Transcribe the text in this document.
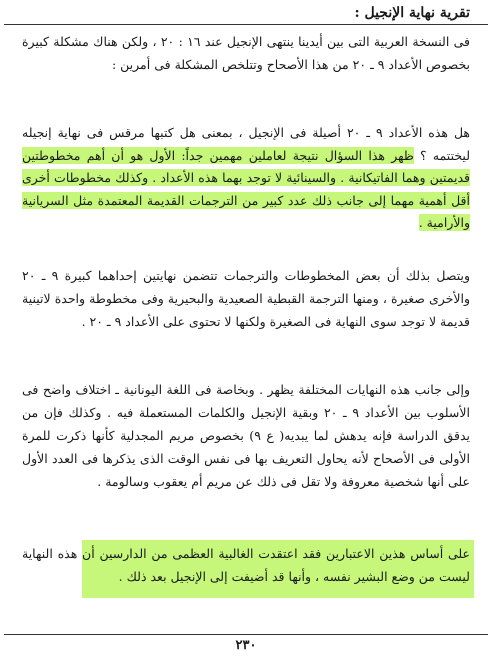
تقرية نهاية الإنجيل :

فى النسخة العربية التى بين أيدينا ينتهى الإنجيل عند ١٦ : ٢٠ ، ولكن هناك مشكلة كبيرة بخصوص الأعداد ٩ ـ ٢٠ من هذا الأصحاح وتتلخص المشكلة فى أمرين :

هل هذه الأعداد ٩ ـ ٢٠ أصيلة فى الإنجيل ، بمعنى هل كتبها مرقس فى نهاية إنجيله ليختتمه ؟ ظهر هذا السؤال نتيجة لعاملين مهمين جداً: الأول هو أن أهم مخطوطتين قديمتين وهما الفاتيكانية . والسينائية لا توجد بهما هذه الأعداد . وكذلك مخطوطات أخرى أقل أهمية مهما إلى جانب ذلك عدد كبير من الترجمات القديمة المعتمدة مثل السريانية والأرامية .

ويتصل بذلك أن بعض المخطوطات والترجمات تتضمن نهايتين إحداهما كبيرة ٩ ـ ٢٠ والأخرى صغيرة ، ومنها الترجمة القبطية الصعيدية والبحيرية وفى مخطوطة واحدة لاتينية قديمة لا توجد سوى النهاية فى الصغيرة ولكنها لا تحتوى على الأعداد ٩ ـ ٢٠ .

وإلى جانب هذه النهايات المختلفة يظهر . وبخاصة فى اللغة اليونانية ـ اختلاف واضح فى الأسلوب بين الأعداد ٩ ـ ٢٠ وبقية الإنجيل والكلمات المستعملة فيه . وكذلك فإن من يدقق الدراسة فإنه يدهش لما يبديه( ع ٩) بخصوص مريم المجدلية كأنها ذكرت للمرة الأولى فى الأصحاح لأنه يحاول التعريف بها فى نفس الوقت الذى يذكرها فى العدد الأول على أنها شخصية معروفة ولا تقل فى ذلك عن مريم أم يعقوب وسالومة .

على أساس هذين الاعتبارين فقد اعتقدت الغالبية العظمى من الدارسين أن هذه النهاية ليست من وضع البشير نفسه ، وأنها قد أضيفت إلى الإنجيل بعد ذلك .

٢٣٠
